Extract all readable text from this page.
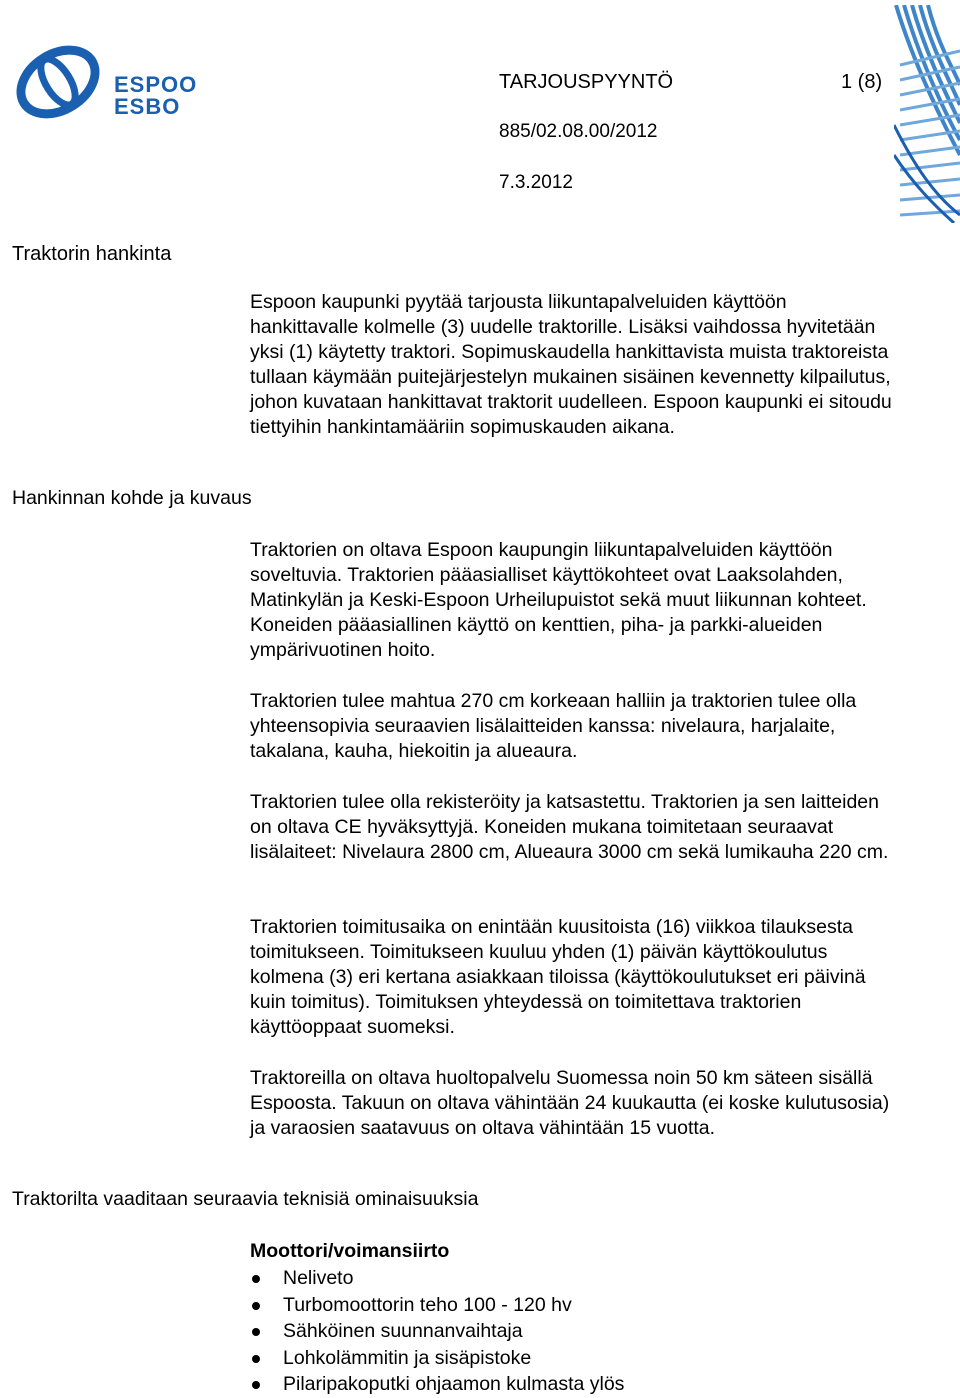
ESPOO
ESBO
TARJOUSPYYNTÖ	1 (8)
885/02.08.00/2012
7.3.2012
Traktorin hankinta
Hankinnan kohde ja kuvaus
Traktorilta vaaditaan seuraavia teknisiä ominaisuuksia

Espoon kaupunki pyytää tarjousta liikuntapalveluiden käyttöön hankittavalle kolmelle (3) uudelle traktorille. Lisäksi vaihdossa hyvitetään yksi (1) käytetty traktori. Sopimuskaudella hankittavista muista traktoreista tullaan käymään puitejärjestelyn mukainen sisäinen kevennetty kilpailutus, johon kuvataan hankittavat traktorit uudelleen. Espoon kaupunki ei sitoudu tiettyihin hankintamääriin sopimuskauden aikana.

Traktorien on oltava Espoon kaupungin liikuntapalveluiden käyttöön soveltuvia. Traktorien pääasialliset käyttökohteet ovat Laaksolahden, Matinkylän ja Keski-Espoon Urheilupuistot sekä muut liikunnan kohteet. Koneiden pääasiallinen käyttö on kenttien, piha- ja parkki-alueiden ympärivuotinen hoito.

Traktorien tulee mahtua 270 cm korkeaan halliin ja traktorien tulee olla yhteensopivia seuraavien lisälaitteiden kanssa: nivelaura, harjalaite, takalana, kauha, hiekoitin ja alueaura.

Traktorien tulee olla rekisteröity ja katsastettu. Traktorien ja sen laitteiden on oltava CE hyväksyttyjä. Koneiden mukana toimitetaan seuraavat lisälaiteet: Nivelaura 2800 cm, Alueaura 3000 cm sekä lumikauha 220 cm.

Traktorien toimitusaika on enintään kuusitoista (16) viikkoa tilauksesta toimitukseen. Toimitukseen kuuluu yhden (1) päivän käyttökoulutus kolmena (3) eri kertana asiakkaan tiloissa (käyttökoulutukset eri päivinä kuin toimitus). Toimituksen yhteydessä on toimitettava traktorien käyttöoppaat suomeksi.

Traktoreilla on oltava huoltopalvelu Suomessa noin 50 km säteen sisällä Espoosta. Takuun on oltava vähintään 24 kuukautta (ei koske kulutusosia) ja varaosien saatavuus on oltava vähintään 15 vuotta.

Moottori/voimansiirto
Neliveto
Turbomoottorin teho 100 - 120 hv
Sähköinen suunnanvaihtaja
Lohkolämmitin ja sisäpistoke
Pilaripakoputki ohjaamon kulmasta ylös
